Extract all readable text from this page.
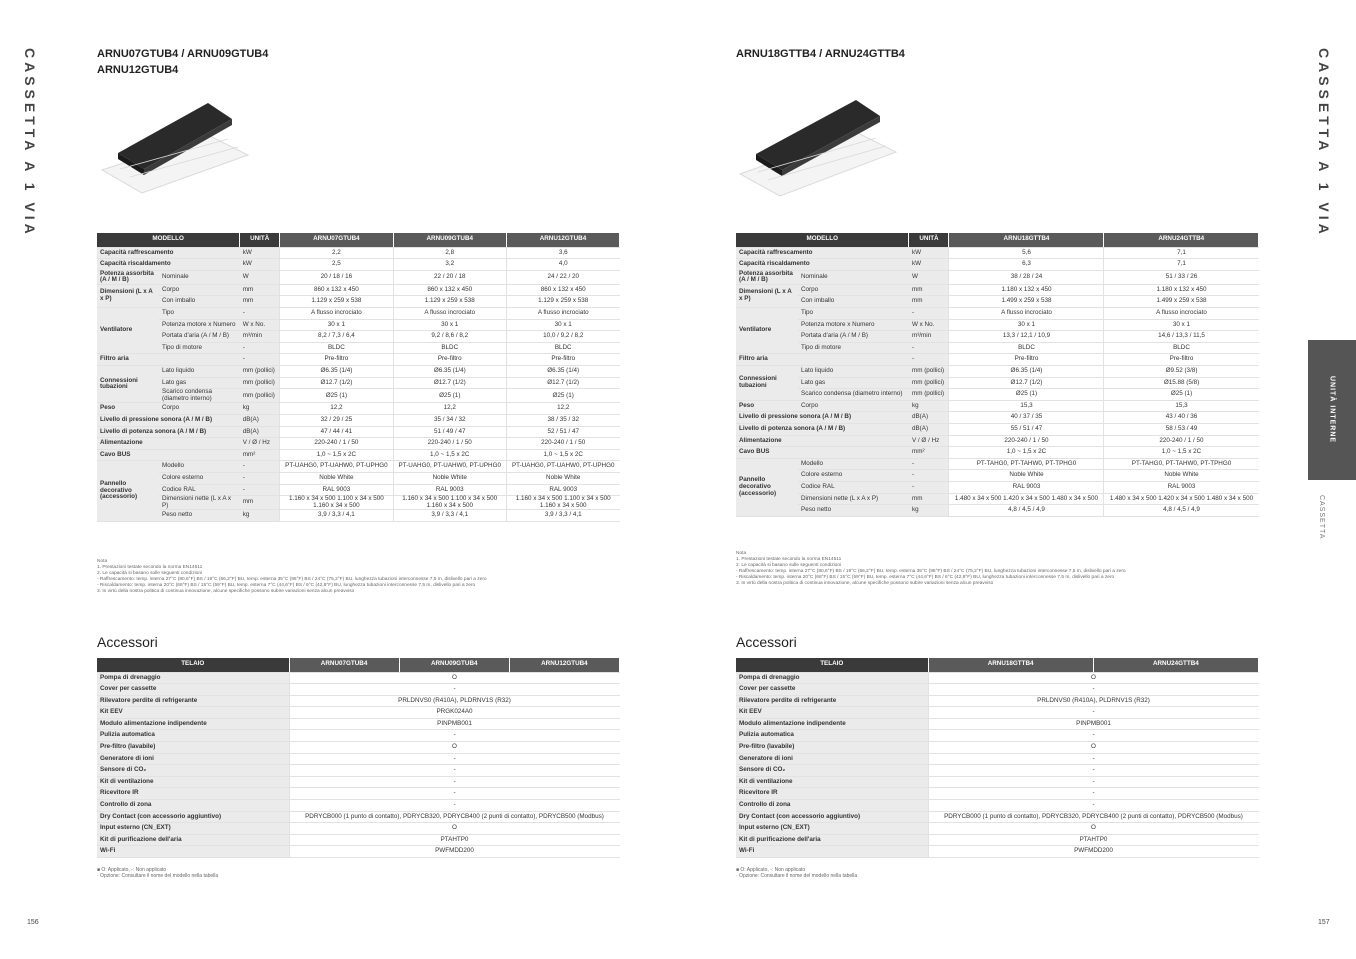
CASSETTA A 1 VIA	CASSETTA A 1 VIA
UNITÀ INTERNE
CASSETTA
ARNU07GTUB4 / ARNU09GTUB4
ARNU12GTUB4
ARNU18GTTB4 / ARNU24GTTB4
MODELLO		UNITÀ	ARNU07GTUB4	ARNU09GTUB4	ARNU12GTUB4
Capacità raffrescamento		kW	2,2	2,8	3,6
Capacità riscaldamento		kW	2,5	3,2	4,0
Potenza assorbita (A / M / B)	Nominale	W	20 / 18 / 16	22 / 20 / 18	24 / 22 / 20
Dimensioni (L x A x P)	Corpo	mm	860 x 132 x 450	860 x 132 x 450	860 x 132 x 450
	Con imballo	mm	1.129 x 259 x 538	1.129 x 259 x 538	1.129 x 259 x 538
Ventilatore	Tipo	-	A flusso incrociato	A flusso incrociato	A flusso incrociato
	Potenza motore x Numero	W x No.	30 x 1	30 x 1	30 x 1
	Portata d'aria (A / M / B)	m³/min	8,2 / 7,3 / 6,4	9,2 / 8,6 / 8,2	10,0 / 9,2 / 8,2
	Tipo di motore	-	BLDC	BLDC	BLDC
Filtro aria		-	Pre-filtro	Pre-filtro	Pre-filtro
Connessioni tubazioni	Lato liquido	mm (pollici)	Ø6.35 (1/4)	Ø6.35 (1/4)	Ø6.35 (1/4)
	Lato gas	mm (pollici)	Ø12.7 (1/2)	Ø12.7 (1/2)	Ø12.7 (1/2)
	Scarico condensa (diametro interno)	mm (pollici)	Ø25 (1)	Ø25 (1)	Ø25 (1)
Peso	Corpo	kg	12,2	12,2	12,2
Livello di pressione sonora (A / M / B)		dB(A)	32 / 29 / 25	35 / 34 / 32	38 / 35 / 32
Livello di potenza sonora (A / M / B)		dB(A)	47 / 44 / 41	51 / 49 / 47	52 / 51 / 47
Alimentazione		V / Ø / Hz	220-240 / 1 / 50	220-240 / 1 / 50	220-240 / 1 / 50
Cavo BUS		mm²	1,0 ~ 1,5 x 2C	1,0 ~ 1,5 x 2C	1,0 ~ 1,5 x 2C
Pannello decorativo (accessorio)	Modello	-	PT-UAHG0, PT-UAHW0, PT-UPHG0	PT-UAHG0, PT-UAHW0, PT-UPHG0	PT-UAHG0, PT-UAHW0, PT-UPHG0
	Colore esterno	-	Noble White	Noble White	Noble White
	Codice RAL	-	RAL 9003	RAL 9003	RAL 9003
	Dimensioni nette (L x A x P)	mm	1.160 x 34 x 500 1.100 x 34 x 500 1.160 x 34 x 500	1.160 x 34 x 500 1.100 x 34 x 500 1.160 x 34 x 500	1.160 x 34 x 500 1.100 x 34 x 500 1.160 x 34 x 500
	Peso netto	kg	3,9 / 3,3 / 4,1	3,9 / 3,3 / 4,1	3,9 / 3,3 / 4,1
MODELLO		UNITÀ	ARNU18GTTB4	ARNU24GTTB4
Capacità raffrescamento		kW	5,6	7,1
Capacità riscaldamento		kW	6,3	7,1
Potenza assorbita (A / M / B)	Nominale	W	38 / 28 / 24	51 / 33 / 26
Dimensioni (L x A x P)	Corpo	mm	1.180 x 132 x 450	1.180 x 132 x 450
	Con imballo	mm	1.499 x 259 x 538	1.499 x 259 x 538
Ventilatore	Tipo	-	A flusso incrociato	A flusso incrociato
	Potenza motore x Numero	W x No.	30 x 1	30 x 1
	Portata d'aria (A / M / B)	m³/min	13,3 / 12,1 / 10,9	14,6 / 13,3 / 11,5
	Tipo di motore	-	BLDC	BLDC
Filtro aria		-	Pre-filtro	Pre-filtro
Connessioni tubazioni	Lato liquido	mm (pollici)	Ø6.35 (1/4)	Ø9.52 (3/8)
	Lato gas	mm (pollici)	Ø12.7 (1/2)	Ø15.88 (5/8)
	Scarico condensa (diametro interno)	mm (pollici)	Ø25 (1)	Ø25 (1)
Peso	Corpo	kg	15,3	15,3
Livello di pressione sonora (A / M / B)		dB(A)	40 / 37 / 35	43 / 40 / 36
Livello di potenza sonora (A / M / B)		dB(A)	55 / 51 / 47	58 / 53 / 49
Alimentazione		V / Ø / Hz	220-240 / 1 / 50	220-240 / 1 / 50
Cavo BUS		mm²	1,0 ~ 1,5 x 2C	1,0 ~ 1,5 x 2C
Pannello decorativo (accessorio)	Modello	-	PT-TAHG0, PT-TAHW0, PT-TPHG0	PT-TAHG0, PT-TAHW0, PT-TPHG0
	Colore esterno	-	Noble White	Noble White
	Codice RAL	-	RAL 9003	RAL 9003
	Dimensioni nette (L x A x P)	mm	1.480 x 34 x 500 1.420 x 34 x 500 1.480 x 34 x 500	1.480 x 34 x 500 1.420 x 34 x 500 1.480 x 34 x 500
	Peso netto	kg	4,8 / 4,5 / 4,9	4,8 / 4,5 / 4,9
Nota
1. Prestazioni testate secondo la norma EN14511
2. Le capacità si basano sulle seguenti condizioni
- Raffrescamento: temp. interna 27°C (80,6°F) BS / 19°C (66,2°F) BU, temp. esterna 35°C (95°F) BS / 24°C (75,2°F) BU, lunghezza tubazioni interconnesse 7,5 m, dislivello pari a zero
- Riscaldamento: temp. interna 20°C (68°F) BS / 15°C (59°F) BU, temp. esterna 7°C (44,6°F) BS / 6°C (42,8°F) BU, lunghezza tubazioni interconnesse 7,5 m, dislivello pari a zero
3. In virtù della nostra politica di continua innovazione, alcune specifiche possono subire variazioni senza alcun preavviso
Nota
1. Prestazioni testate secondo la norma EN14511
2. Le capacità si basano sulle seguenti condizioni
- Raffrescamento: temp. interna 27°C (80,6°F) BS / 19°C (66,2°F) BU, temp. esterna 35°C (95°F) BS / 24°C (75,2°F) BU, lunghezza tubazioni interconnesse 7,5 m, dislivello pari a zero
- Riscaldamento: temp. interna 20°C (68°F) BS / 15°C (59°F) BU, temp. esterna 7°C (44,6°F) BS / 6°C (42,8°F) BU, lunghezza tubazioni interconnesse 7,5 m, dislivello pari a zero
3. In virtù della nostra politica di continua innovazione, alcune specifiche possono subire variazioni senza alcun preavviso
Accessori	Accessori
TELAIO	ARNU07GTUB4	ARNU09GTUB4	ARNU12GTUB4
Pompa di drenaggio	O		
Cover per cassette	-		
Rilevatore perdite di refrigerante	PRLDNVS0 (R410A), PLDRNV1S (R32)		
Kit EEV	PRGK024A0		
Modulo alimentazione indipendente	PINPMB001		
Pulizia automatica	-		
Pre-filtro (lavabile)	O		
Generatore di ioni	-		
Sensore di CO₂	-		
Kit di ventilazione	-		
Ricevitore IR	-		
Controllo di zona	-		
Dry Contact (con accessorio aggiuntivo)	PDRYCB000 (1 punto di contatto), PDRYCB320, PDRYCB400 (2 punti di contatto), PDRYCB500 (Modbus)		
Input esterno (CN_EXT)	O		
Kit di purificazione dell'aria	PTAHTP0		
Wi-Fi	PWFMDD200		
TELAIO	ARNU18GTTB4	ARNU24GTTB4
Pompa di drenaggio	O	
Cover per cassette	-	
Rilevatore perdite di refrigerante	PRLDNVS0 (R410A), PLDRNV1S (R32)	
Kit EEV	-	
Modulo alimentazione indipendente	PINPMB001	
Pulizia automatica	-	
Pre-filtro (lavabile)	O	
Generatore di ioni	-	
Sensore di CO₂	-	
Kit di ventilazione	-	
Ricevitore IR	-	
Controllo di zona	-	
Dry Contact (con accessorio aggiuntivo)	PDRYCB000 (1 punto di contatto), PDRYCB320, PDRYCB400 (2 punti di contatto), PDRYCB500 (Modbus)	
Input esterno (CN_EXT)	O	
Kit di purificazione dell'aria	PTAHTP0	
Wi-Fi	PWFMDD200	
■ O: Applicato, -: Non applicato
· Opzione: Consultare il nome del modello nella tabella
■ O: Applicato, -: Non applicato
· Opzione: Consultare il nome del modello nella tabella
156	157
